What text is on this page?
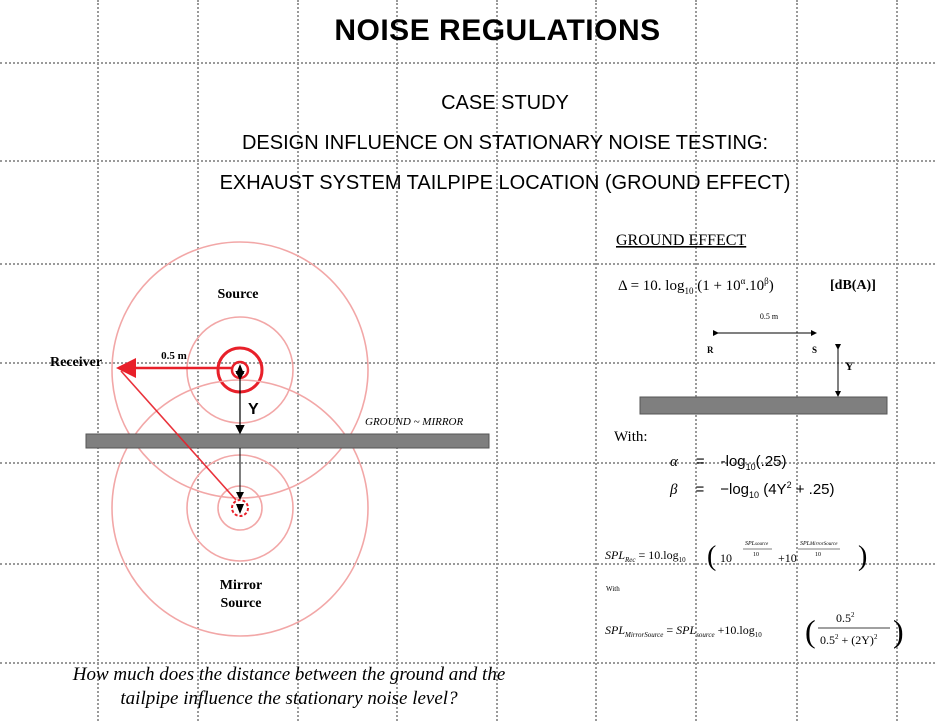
NOISE REGULATIONS
CASE STUDY
DESIGN INFLUENCE ON STATIONARY NOISE TESTING:
EXHAUST SYSTEM TAILPIPE LOCATION (GROUND EFFECT)
Source
Receiver	0.5 m
Y
GROUND ~ MIRROR
Mirror
Source
GROUND EFFECT
Δ = 10. $\log_{10} (1 + 10^\alpha.10^\beta)$	[dB(A)]
0.5 m
R	S
Y
With:
$\alpha = -\log_{10}(.25)$
$\beta = -\log_{10}$ $(4Y^2 + .25)$
$SPL_{Rec} = 10.\log_{10}$ ( 10
SPLsource
10 +10
SPLMirrorSource
10 )
With
$SPL_{MirrorSource} = SPL_{source} +10.\log_{10}$ ( $0.5^2$
$0.5^2 + (2Y)^2$ )
How much does the distance between the ground and the
tailpipe influence the stationary noise level?
